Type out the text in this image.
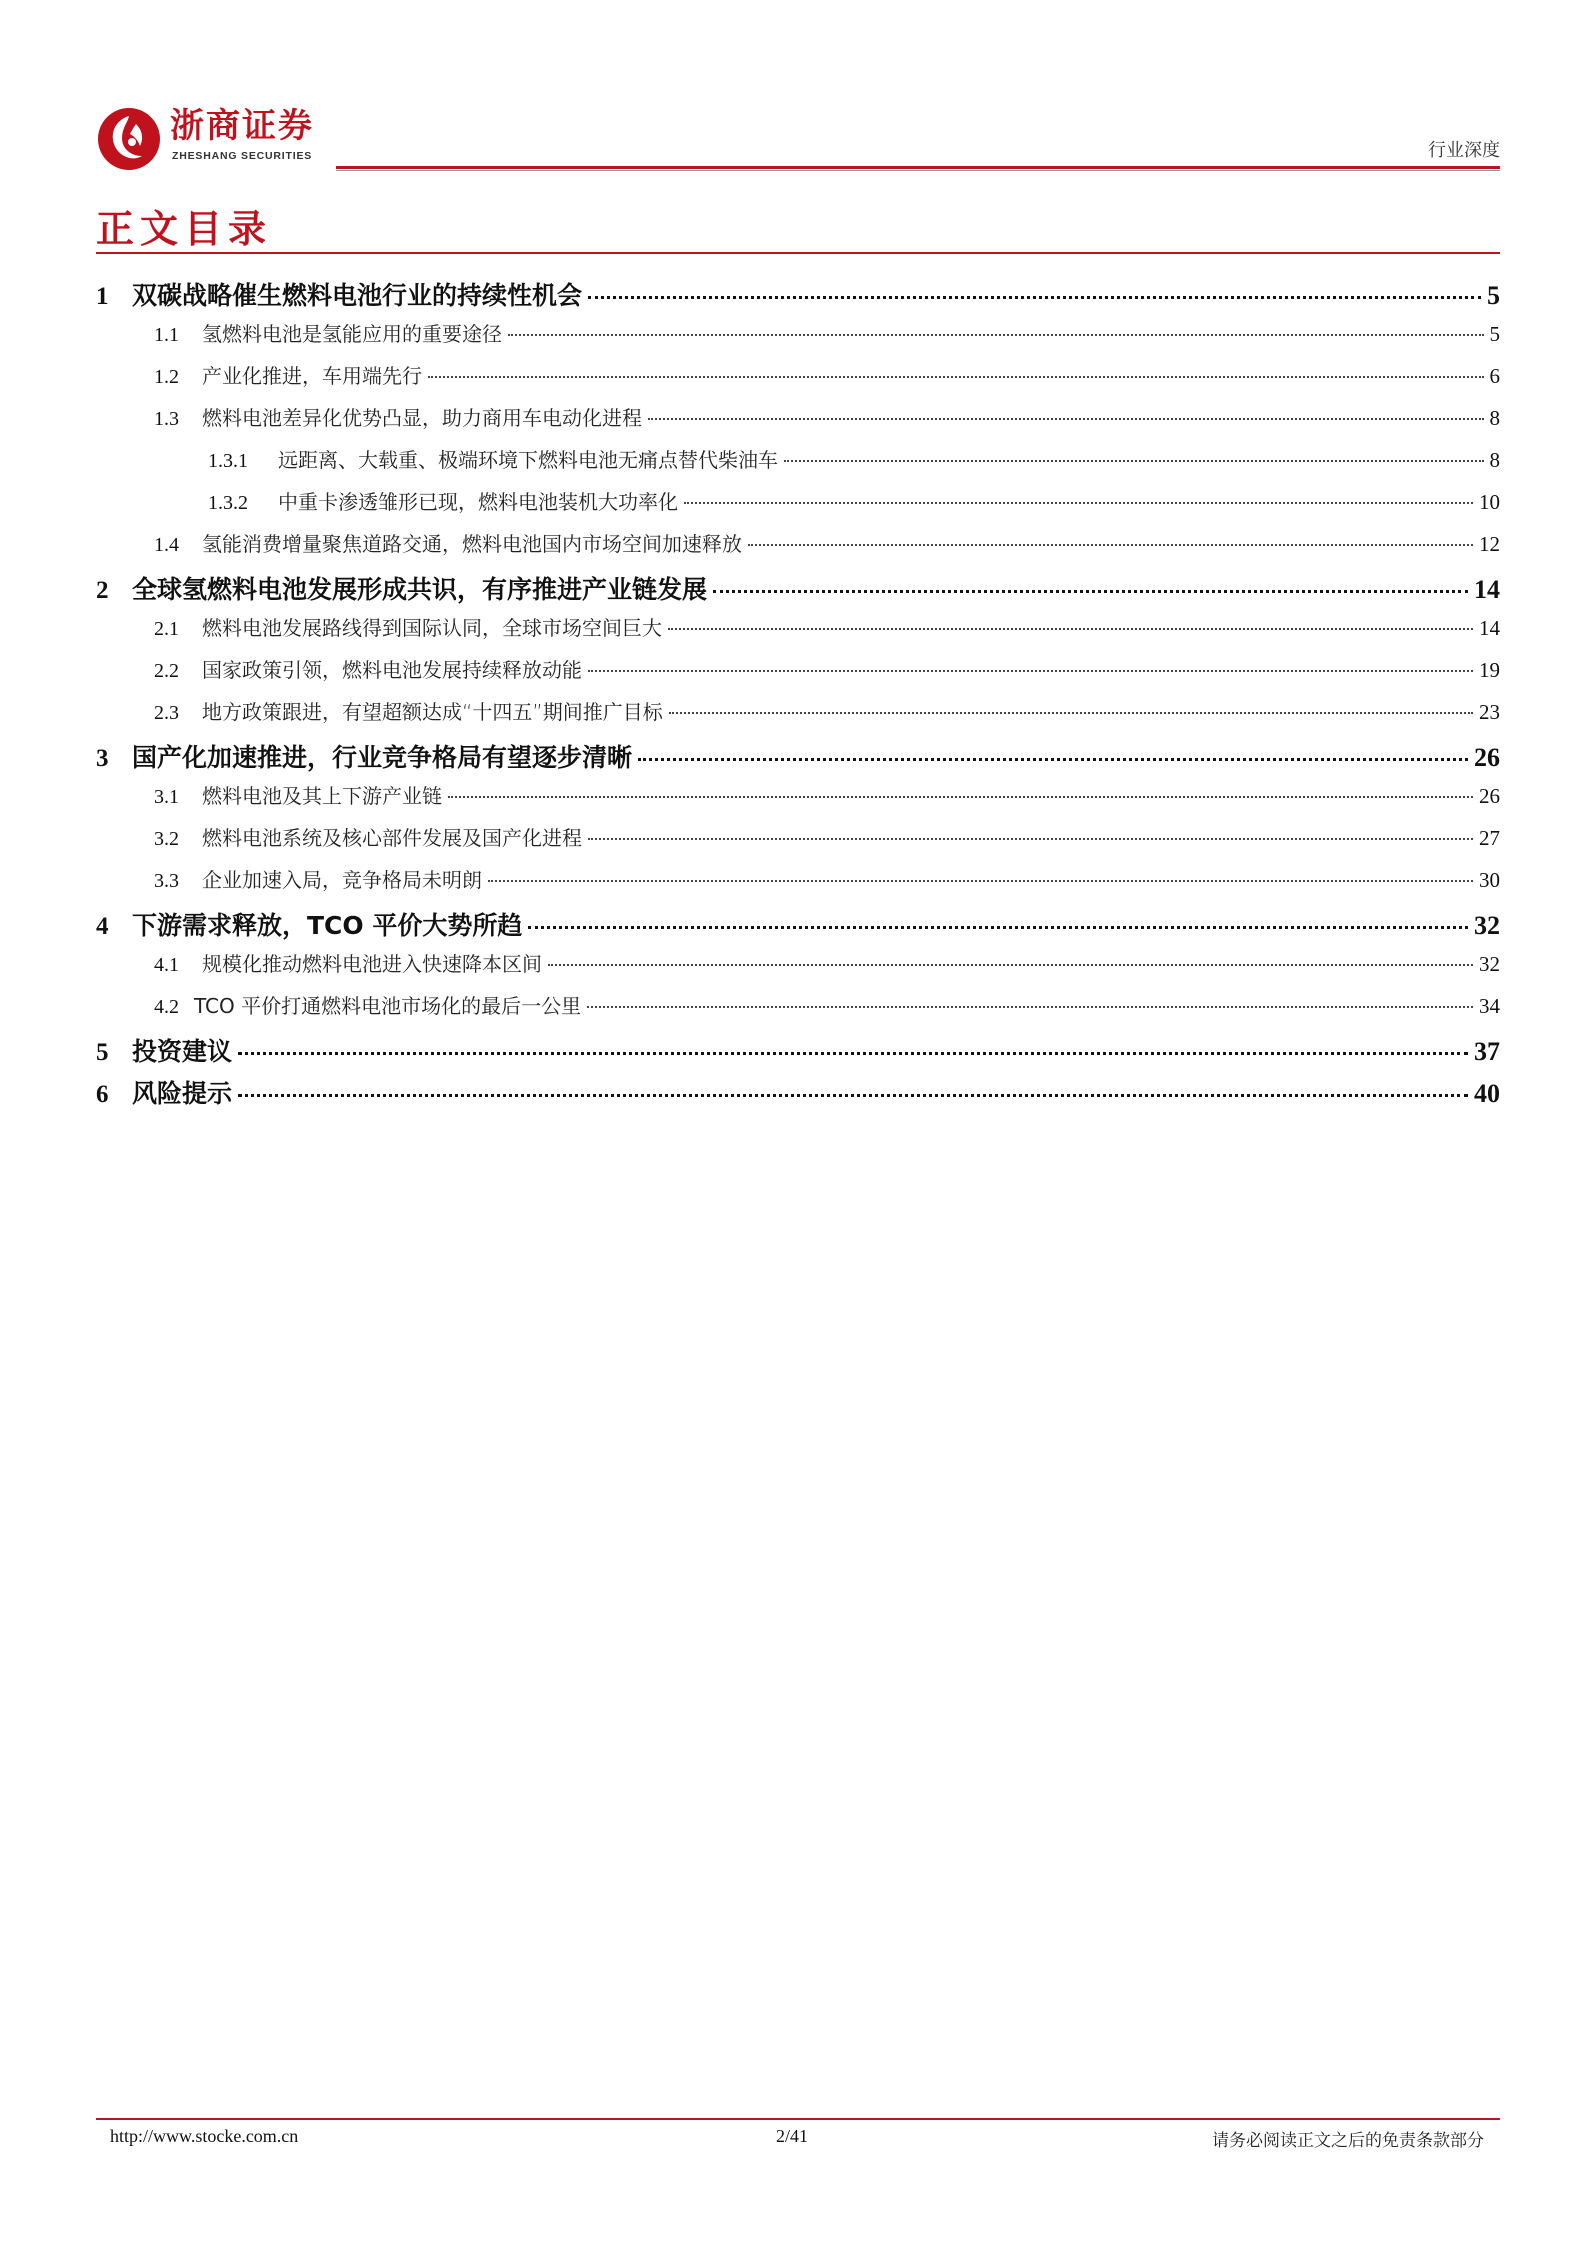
浙商证券
ZHESHANG SECURITIES	行业深度
正文目录
1 双碳战略催生燃料电池行业的持续性机会	5
1.1	氢燃料电池是氢能应用的重要途径	5
1.2	产业化推进，车用端先行	6
1.3	燃料电池差异化优势凸显，助力商用车电动化进程	8
1.3.1	远距离、大载重、极端环境下燃料电池无痛点替代柴油车	8
1.3.2	中重卡渗透雏形已现，燃料电池装机大功率化	10
1.4	氢能消费增量聚焦道路交通，燃料电池国内市场空间加速释放	12
2 全球氢燃料电池发展形成共识，有序推进产业链发展	14
2.1	燃料电池发展路线得到国际认同，全球市场空间巨大	14
2.2	国家政策引领，燃料电池发展持续释放动能	19
2.3	地方政策跟进，有望超额达成“十四五”期间推广目标	23
3 国产化加速推进，行业竞争格局有望逐步清晰	26
3.1	燃料电池及其上下游产业链	26
3.2	燃料电池系统及核心部件发展及国产化进程	27
3.3	企业加速入局，竞争格局未明朗	30
4 下游需求释放，TCO 平价大势所趋	32
4.1	规模化推动燃料电池进入快速降本区间	32
4.2 TCO 平价打通燃料电池市场化的最后一公里	34
5 投资建议	37
6 风险提示	40
http://www.stocke.com.cn	2/41	请务必阅读正文之后的免责条款部分
